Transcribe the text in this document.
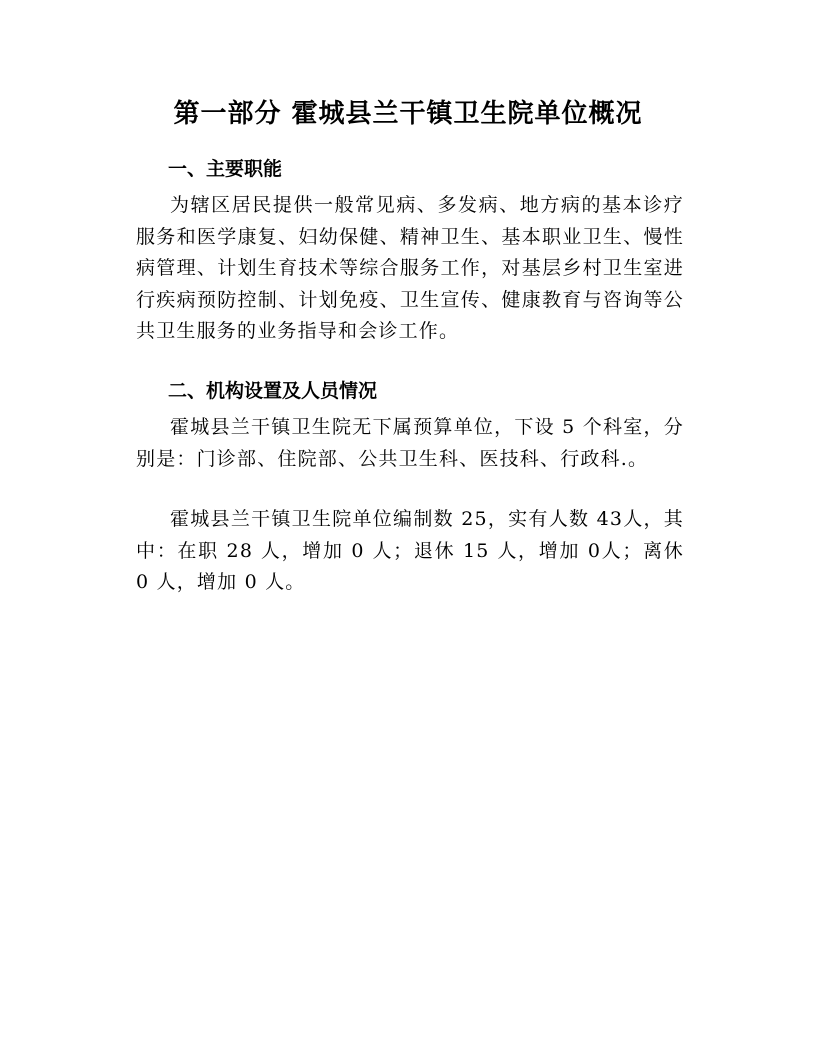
第一部分 霍城县兰干镇卫生院单位概况
一、主要职能

为辖区居民提供一般常见病、多发病、地方病的基本诊疗服务和医学康复、妇幼保健、精神卫生、基本职业卫生、慢性病管理、计划生育技术等综合服务工作，对基层乡村卫生室进行疾病预防控制、计划免疫、卫生宣传、健康教育与咨询等公共卫生服务的业务指导和会诊工作。

二、机构设置及人员情况

霍城县兰干镇卫生院无下属预算单位，下设 5 个科室，分别是：门诊部、住院部、公共卫生科、医技科、行政科.。

霍城县兰干镇卫生院单位编制数 25，实有人数 43人，其中：在职 28 人，增加 0 人；退休 15 人，增加 0人；离休 0 人，增加 0 人。
